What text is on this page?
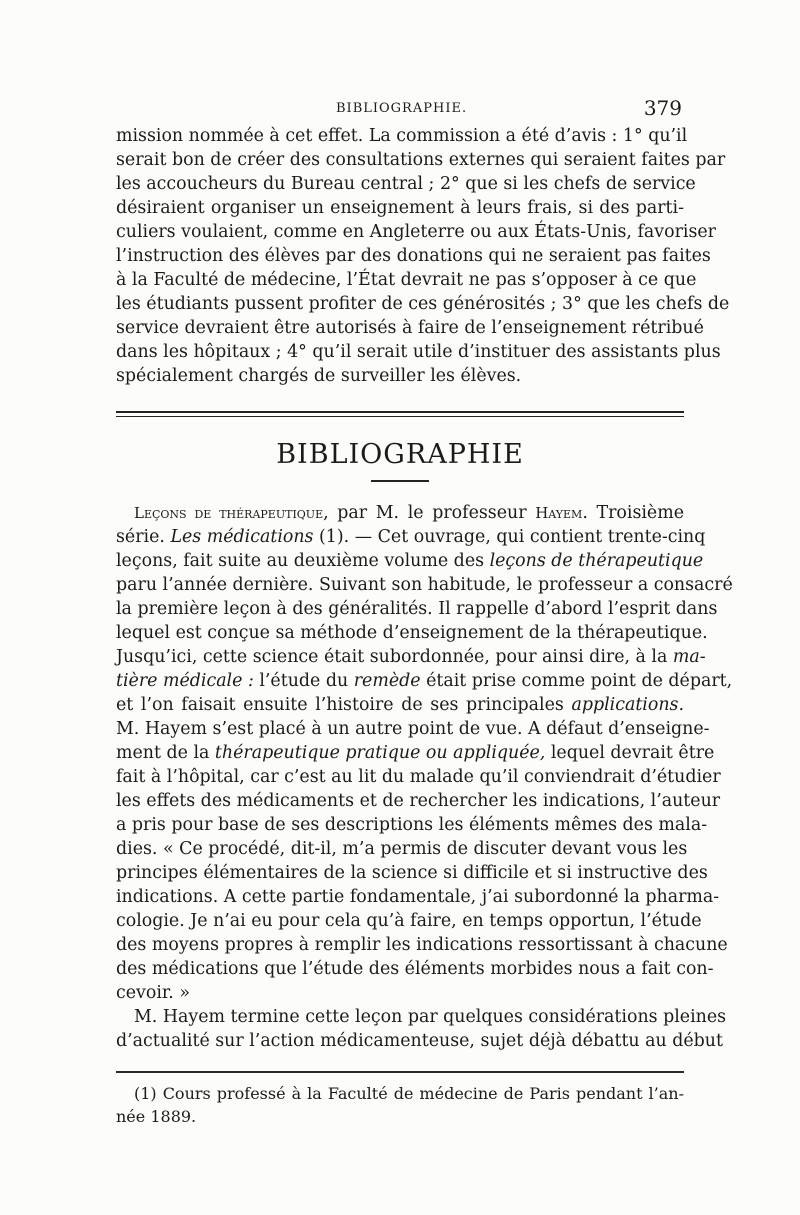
BIBLIOGRAPHIE.	379
mission nommée à cet effet. La commission a été d’avis : 1° qu’il
serait bon de créer des consultations externes qui seraient faites par
les accoucheurs du Bureau central ; 2° que si les chefs de service
désiraient organiser un enseignement à leurs frais, si des parti-
culiers voulaient, comme en Angleterre ou aux États-Unis, favoriser
l’instruction des élèves par des donations qui ne seraient pas faites
à la Faculté de médecine, l’État devrait ne pas s’opposer à ce que
les étudiants pussent profiter de ces générosités ; 3° que les chefs de
service devraient être autorisés à faire de l’enseignement rétribué
dans les hôpitaux ; 4° qu’il serait utile d’instituer des assistants plus
spécialement chargés de surveiller les élèves.
BIBLIOGRAPHIE
Leçons de thérapeutique, par M. le professeur Hayem. Troisième
série. Les médications (1). — Cet ouvrage, qui contient trente-cinq
leçons, fait suite au deuxième volume des leçons de thérapeutique
paru l’année dernière. Suivant son habitude, le professeur a consacré
la première leçon à des généralités. Il rappelle d’abord l’esprit dans
lequel est conçue sa méthode d’enseignement de la thérapeutique.
Jusqu’ici, cette science était subordonnée, pour ainsi dire, à la ma-
tière médicale : l’étude du remède était prise comme point de départ,
et l’on faisait ensuite l’histoire de ses principales applications.
M. Hayem s’est placé à un autre point de vue. A défaut d’enseigne-
ment de la thérapeutique pratique ou appliquée, lequel devrait être
fait à l’hôpital, car c’est au lit du malade qu’il conviendrait d’étudier
les effets des médicaments et de rechercher les indications, l’auteur
a pris pour base de ses descriptions les éléments mêmes des mala-
dies. « Ce procédé, dit-il, m’a permis de discuter devant vous les
principes élémentaires de la science si difficile et si instructive des
indications. A cette partie fondamentale, j’ai subordonné la pharma-
cologie. Je n’ai eu pour cela qu’à faire, en temps opportun, l’étude
des moyens propres à remplir les indications ressortissant à chacune
des médications que l’étude des éléments morbides nous a fait con-
cevoir. »
M. Hayem termine cette leçon par quelques considérations pleines
d’actualité sur l’action médicamenteuse, sujet déjà débattu au début
(1) Cours professé à la Faculté de médecine de Paris pendant l’an-
née 1889.
